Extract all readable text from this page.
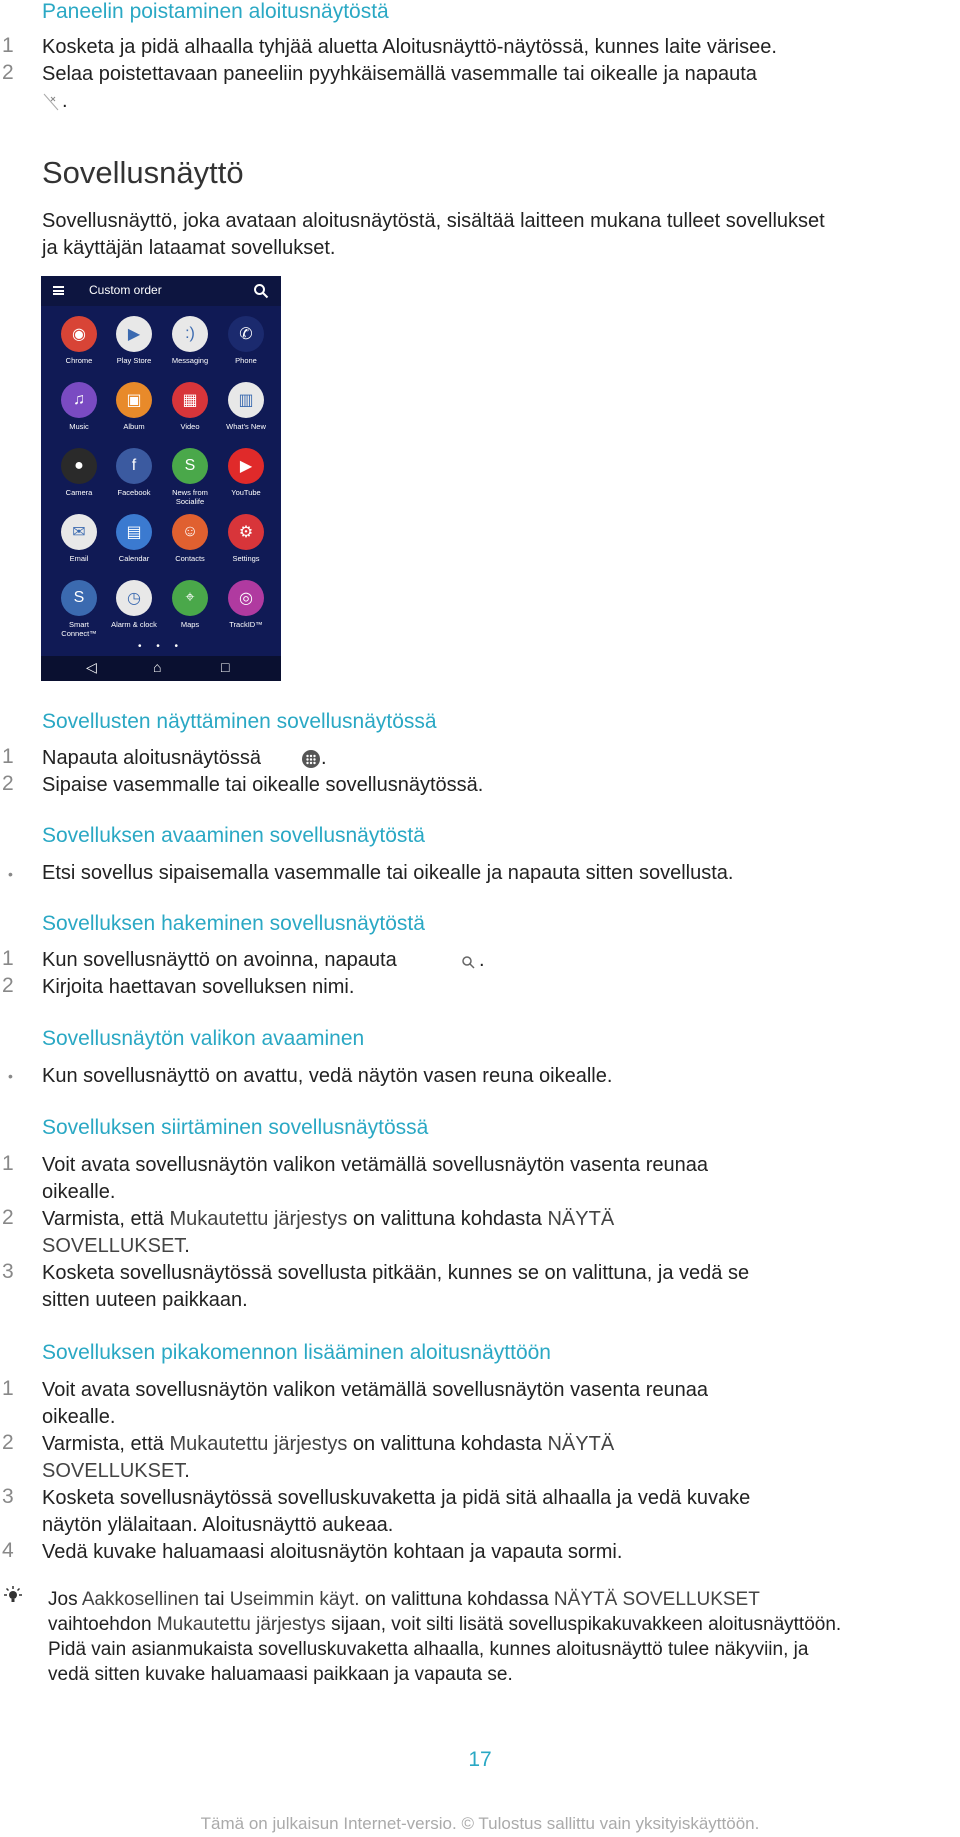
Paneelin poistaminen aloitusnäytöstä
1 Kosketa ja pidä alhaalla tyhjää aluetta Aloitusnäyttö-näytössä, kunnes laite värisee.
2 Selaa poistettavaan paneeliin pyyhkäisemällä vasemmalle tai oikealle ja napauta
.
Sovellusnäyttö
Sovellusnäyttö, joka avataan aloitusnäytöstä, sisältää laitteen mukana tulleet sovellukset
ja käyttäjän lataamat sovellukset.
Custom order
◉
Chrome
▶
Play Store
:)
Messaging
✆
Phone
♫
Music
▣
Album
▦
Video
▥
What's New
●
Camera
f
Facebook
S
News from Socialife
▶
YouTube
✉
Email
▤
Calendar
☺
Contacts
⚙
Settings
S
Smart Connect™
◷
Alarm & clock
⌖
Maps
◎
TrackID™
• • •
◁	⌂	□
Sovellusten näyttäminen sovellusnäytössä
1 Napauta aloitusnäytössä	.
2 Sipaise vasemmalle tai oikealle sovellusnäytössä.
Sovelluksen avaaminen sovellusnäytöstä
• Etsi sovellus sipaisemalla vasemmalle tai oikealle ja napauta sitten sovellusta.
Sovelluksen hakeminen sovellusnäytöstä
1 Kun sovellusnäyttö on avoinna, napauta	.
2 Kirjoita haettavan sovelluksen nimi.
Sovellusnäytön valikon avaaminen
• Kun sovellusnäyttö on avattu, vedä näytön vasen reuna oikealle.
Sovelluksen siirtäminen sovellusnäytössä
1 Voit avata sovellusnäytön valikon vetämällä sovellusnäytön vasenta reunaa
oikealle.
2 Varmista, että Mukautettu järjestys on valittuna kohdasta NÄYTÄ
SOVELLUKSET.
3 Kosketa sovellusnäytössä sovellusta pitkään, kunnes se on valittuna, ja vedä se
sitten uuteen paikkaan.
Sovelluksen pikakomennon lisääminen aloitusnäyttöön
1 Voit avata sovellusnäytön valikon vetämällä sovellusnäytön vasenta reunaa
oikealle.
2 Varmista, että Mukautettu järjestys on valittuna kohdasta NÄYTÄ
SOVELLUKSET.
3 Kosketa sovellusnäytössä sovelluskuvaketta ja pidä sitä alhaalla ja vedä kuvake
näytön ylälaitaan. Aloitusnäyttö aukeaa.
4 Vedä kuvake haluamaasi aloitusnäytön kohtaan ja vapauta sormi.
Jos Aakkosellinen tai Useimmin käyt. on valittuna kohdassa NÄYTÄ SOVELLUKSET
vaihtoehdon Mukautettu järjestys sijaan, voit silti lisätä sovelluspikakuvakkeen aloitusnäyttöön.
Pidä vain asianmukaista sovelluskuvaketta alhaalla, kunnes aloitusnäyttö tulee näkyviin, ja
vedä sitten kuvake haluamaasi paikkaan ja vapauta se.
17
Tämä on julkaisun Internet-versio. © Tulostus sallittu vain yksityiskäyttöön.
